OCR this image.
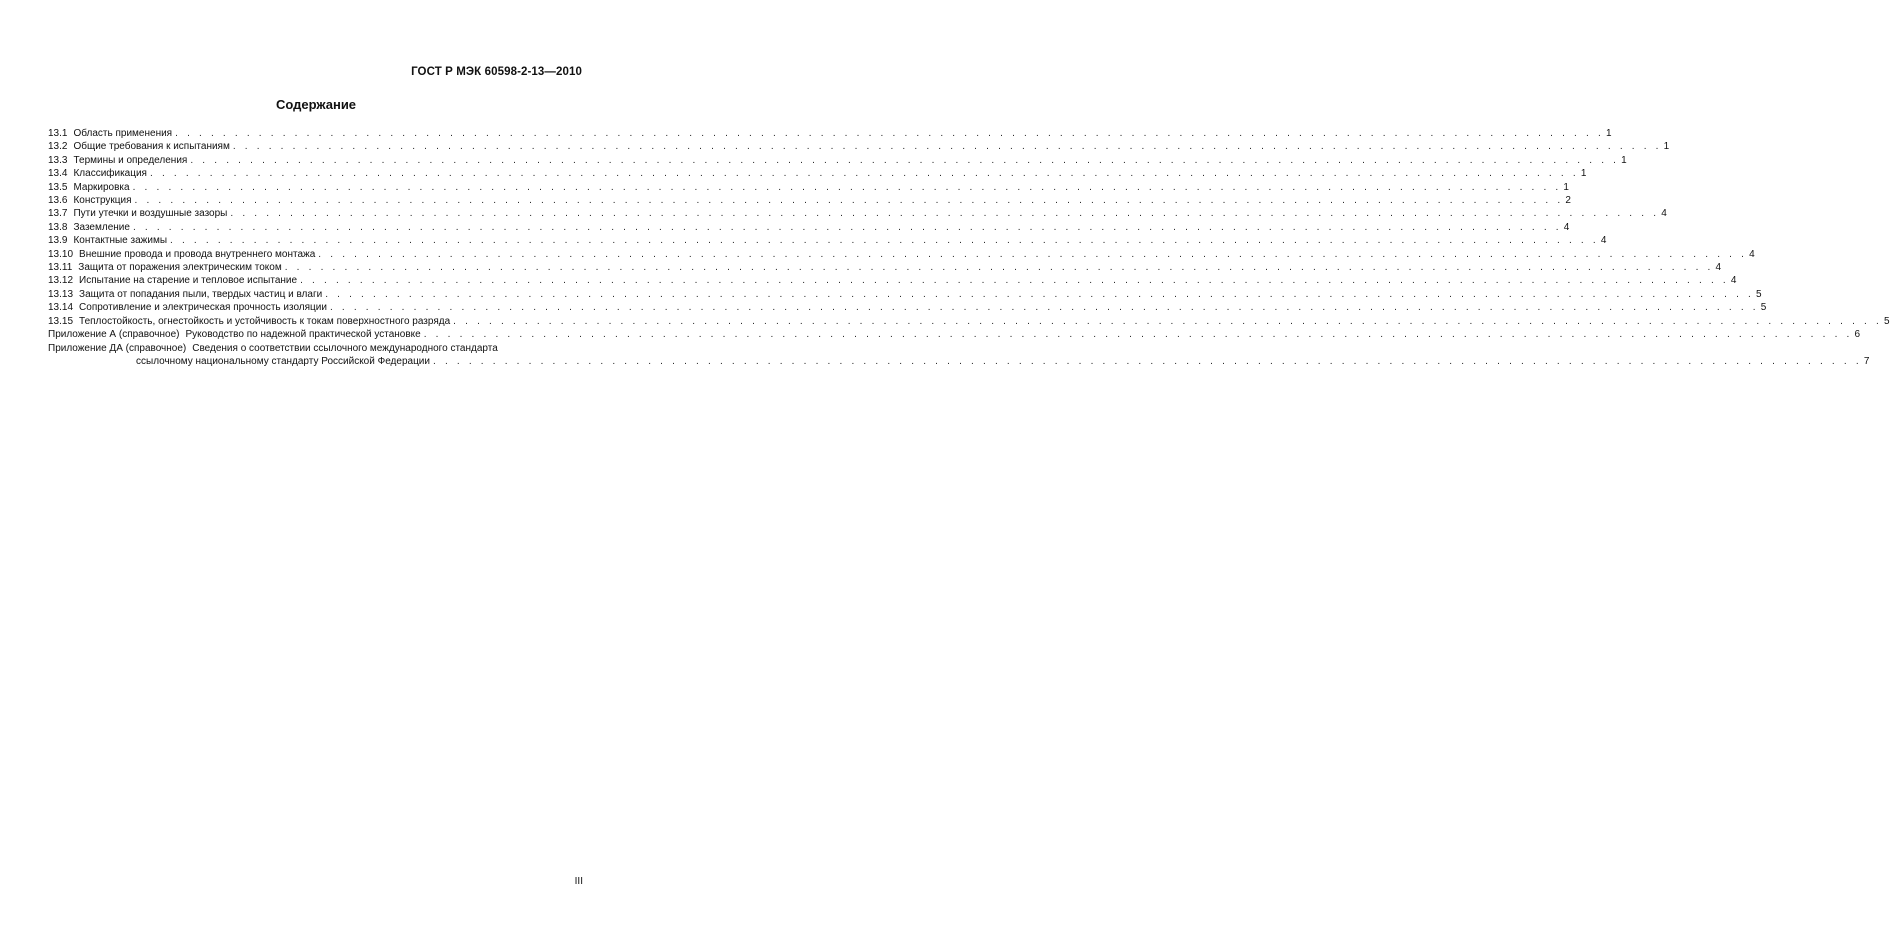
ГОСТ Р МЭК 60598-2-13—2010
Содержание
13.1 Область применения . . . . . . . . . . . . . . . . . . . . . . . . . . . . . . . . . . . . . . . . . . . . . . . . . . . . . . . . . . . . . . . . . . . . . . . . . . . . . . . . . . . . . . . . . . . . . . . . . . . . . . . . . . . . . . . . . . . . . . . . 1
13.2 Общие требования к испытаниям . . . . . . . . . . . . . . . . . . . . . . . . . . . . . . . . . . . . . . . . . . . . . . . . . . . . . . . . . . . . . . . . . . . . . . . . . . . . . . . . . . . . . . . . . . . . . . . . . . . . . . . . . . . . . . . . . . . . . . . . 1
13.3 Термины и определения . . . . . . . . . . . . . . . . . . . . . . . . . . . . . . . . . . . . . . . . . . . . . . . . . . . . . . . . . . . . . . . . . . . . . . . . . . . . . . . . . . . . . . . . . . . . . . . . . . . . . . . . . . . . . . . . . . . . . . . . 1
13.4 Классификация . . . . . . . . . . . . . . . . . . . . . . . . . . . . . . . . . . . . . . . . . . . . . . . . . . . . . . . . . . . . . . . . . . . . . . . . . . . . . . . . . . . . . . . . . . . . . . . . . . . . . . . . . . . . . . . . . . . . . . . . 1
13.5 Маркировка . . . . . . . . . . . . . . . . . . . . . . . . . . . . . . . . . . . . . . . . . . . . . . . . . . . . . . . . . . . . . . . . . . . . . . . . . . . . . . . . . . . . . . . . . . . . . . . . . . . . . . . . . . . . . . . . . . . . . . . . 1
13.6 Конструкция . . . . . . . . . . . . . . . . . . . . . . . . . . . . . . . . . . . . . . . . . . . . . . . . . . . . . . . . . . . . . . . . . . . . . . . . . . . . . . . . . . . . . . . . . . . . . . . . . . . . . . . . . . . . . . . . . . . . . . . . 2
13.7 Пути утечки и воздушные зазоры . . . . . . . . . . . . . . . . . . . . . . . . . . . . . . . . . . . . . . . . . . . . . . . . . . . . . . . . . . . . . . . . . . . . . . . . . . . . . . . . . . . . . . . . . . . . . . . . . . . . . . . . . . . . . . . . . . . . . . . . 4
13.8 Заземление . . . . . . . . . . . . . . . . . . . . . . . . . . . . . . . . . . . . . . . . . . . . . . . . . . . . . . . . . . . . . . . . . . . . . . . . . . . . . . . . . . . . . . . . . . . . . . . . . . . . . . . . . . . . . . . . . . . . . . . . 4
13.9 Контактные зажимы . . . . . . . . . . . . . . . . . . . . . . . . . . . . . . . . . . . . . . . . . . . . . . . . . . . . . . . . . . . . . . . . . . . . . . . . . . . . . . . . . . . . . . . . . . . . . . . . . . . . . . . . . . . . . . . . . . . . . . . . 4
13.10 Внешние провода и провода внутреннего монтажа . . . . . . . . . . . . . . . . . . . . . . . . . . . . . . . . . . . . . . . . . . . . . . . . . . . . . . . . . . . . . . . . . . . . . . . . . . . . . . . . . . . . . . . . . . . . . . . . . . . . . . . . . . . . . . . . . . . . . . . . 4
13.11 Защита от поражения электрическим током . . . . . . . . . . . . . . . . . . . . . . . . . . . . . . . . . . . . . . . . . . . . . . . . . . . . . . . . . . . . . . . . . . . . . . . . . . . . . . . . . . . . . . . . . . . . . . . . . . . . . . . . . . . . . . . . . . . . . . . . 4
13.12 Испытание на старение и тепловое испытание . . . . . . . . . . . . . . . . . . . . . . . . . . . . . . . . . . . . . . . . . . . . . . . . . . . . . . . . . . . . . . . . . . . . . . . . . . . . . . . . . . . . . . . . . . . . . . . . . . . . . . . . . . . . . . . . . . . . . . . . 4
13.13 Защита от попадания пыли, твердых частиц и влаги . . . . . . . . . . . . . . . . . . . . . . . . . . . . . . . . . . . . . . . . . . . . . . . . . . . . . . . . . . . . . . . . . . . . . . . . . . . . . . . . . . . . . . . . . . . . . . . . . . . . . . . . . . . . . . . . . . . . . . . . 5
13.14 Сопротивление и электрическая прочность изоляции . . . . . . . . . . . . . . . . . . . . . . . . . . . . . . . . . . . . . . . . . . . . . . . . . . . . . . . . . . . . . . . . . . . . . . . . . . . . . . . . . . . . . . . . . . . . . . . . . . . . . . . . . . . . . . . . . . . . . . . . 5
13.15 Теплостойкость, огнестойкость и устойчивость к токам поверхностного разряда . . . . . . . . . . . . . . . . . . . . . . . . . . . . . . . . . . . . . . . . . . . . . . . . . . . . . . . . . . . . . . . . . . . . . . . . . . . . . . . . . . . . . . . . . . . . . . . . . . . . . . . . . . . . . . . . . . . . . . . . 5
Приложение А (справочное) Руководство по надежной практической установке . . . . . . . . . . . . . . . . . . . . . . . . . . . . . . . . . . . . . . . . . . . . . . . . . . . . . . . . . . . . . . . . . . . . . . . . . . . . . . . . . . . . . . . . . . . . . . . . . . . . . . . . . . . . . . . . . . . . . . . . 6
Приложение ДА (справочное) Сведения о соответствии ссылочного международного стандарта
ссылочному национальному стандарту Российской Федерации . . . . . . . . . . . . . . . . . . . . . . . . . . . . . . . . . . . . . . . . . . . . . . . . . . . . . . . . . . . . . . . . . . . . . . . . . . . . . . . . . . . . . . . . . . . . . . . . . . . . . . . . . . . . . . . . . . . . . . . . 7
III
